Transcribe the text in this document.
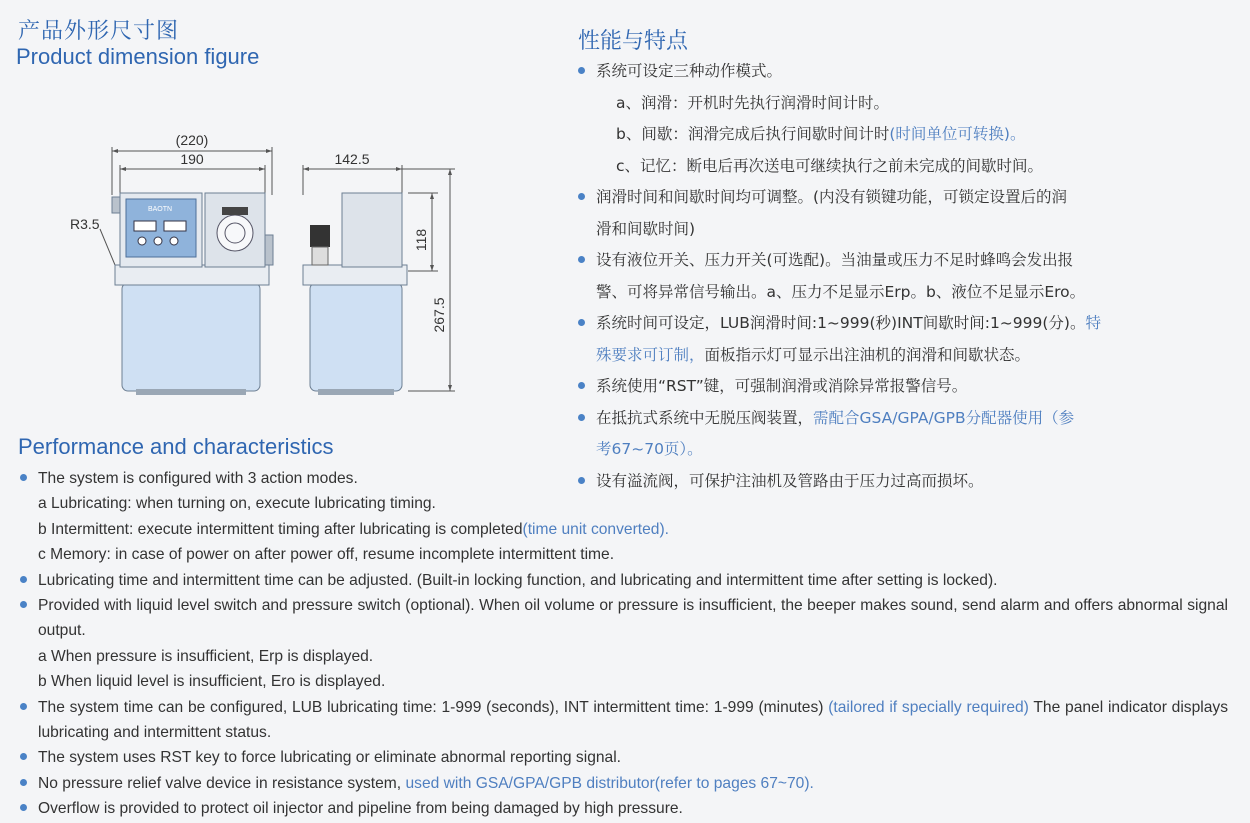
产品外形尺寸图
Product dimension figure
性能与特点
(220)
190	142.5
R3.5
118
267.5
BAOTN
系统可设定三种动作模式。
a、润滑：开机时先执行润滑时间计时。
b、间歇：润滑完成后执行间歇时间计时(时间单位可转换)。
c、记忆：断电后再次送电可继续执行之前未完成的间歇时间。
润滑时间和间歇时间均可调整。(内没有锁键功能，可锁定设置后的润
滑和间歇时间)
设有液位开关、压力开关(可选配)。当油量或压力不足时蜂鸣会发出报
警、可将异常信号输出。a、压力不足显示Erp。b、液位不足显示Ero。
系统时间可设定，LUB润滑时间:1~999(秒)INT间歇时间:1~999(分)。特
殊要求可订制，面板指示灯可显示出注油机的润滑和间歇状态。
系统使用“RST”键，可强制润滑或消除异常报警信号。
在抵抗式系统中无脱压阀装置，需配合GSA/GPA/GPB分配器使用（参
考67~70页）。
设有溢流阀，可保护注油机及管路由于压力过高而损坏。
Performance and characteristics
The system is configured with 3 action modes.
a Lubricating: when turning on, execute lubricating timing.
b Intermittent: execute intermittent timing after lubricating is completed(time unit converted).
c Memory: in case of power on after power off, resume incomplete intermittent time.
Lubricating time and intermittent time can be adjusted. (Built-in locking function, and lubricating and intermittent time after setting is locked).
Provided with liquid level switch and pressure switch (optional). When oil volume or pressure is insufficient, the beeper makes sound, send alarm and offers abnormal signal output.
a When pressure is insufficient, Erp is displayed.
b When liquid level is insufficient, Ero is displayed.
The system time can be configured, LUB lubricating time: 1-999 (seconds), INT intermittent time: 1-999 (minutes) (tailored if specially required) The panel indicator displays lubricating and intermittent status.
The system uses RST key to force lubricating or eliminate abnormal reporting signal.
No pressure relief valve device in resistance system, used with GSA/GPA/GPB distributor(refer to pages 67~70).
Overflow is provided to protect oil injector and pipeline from being damaged by high pressure.
